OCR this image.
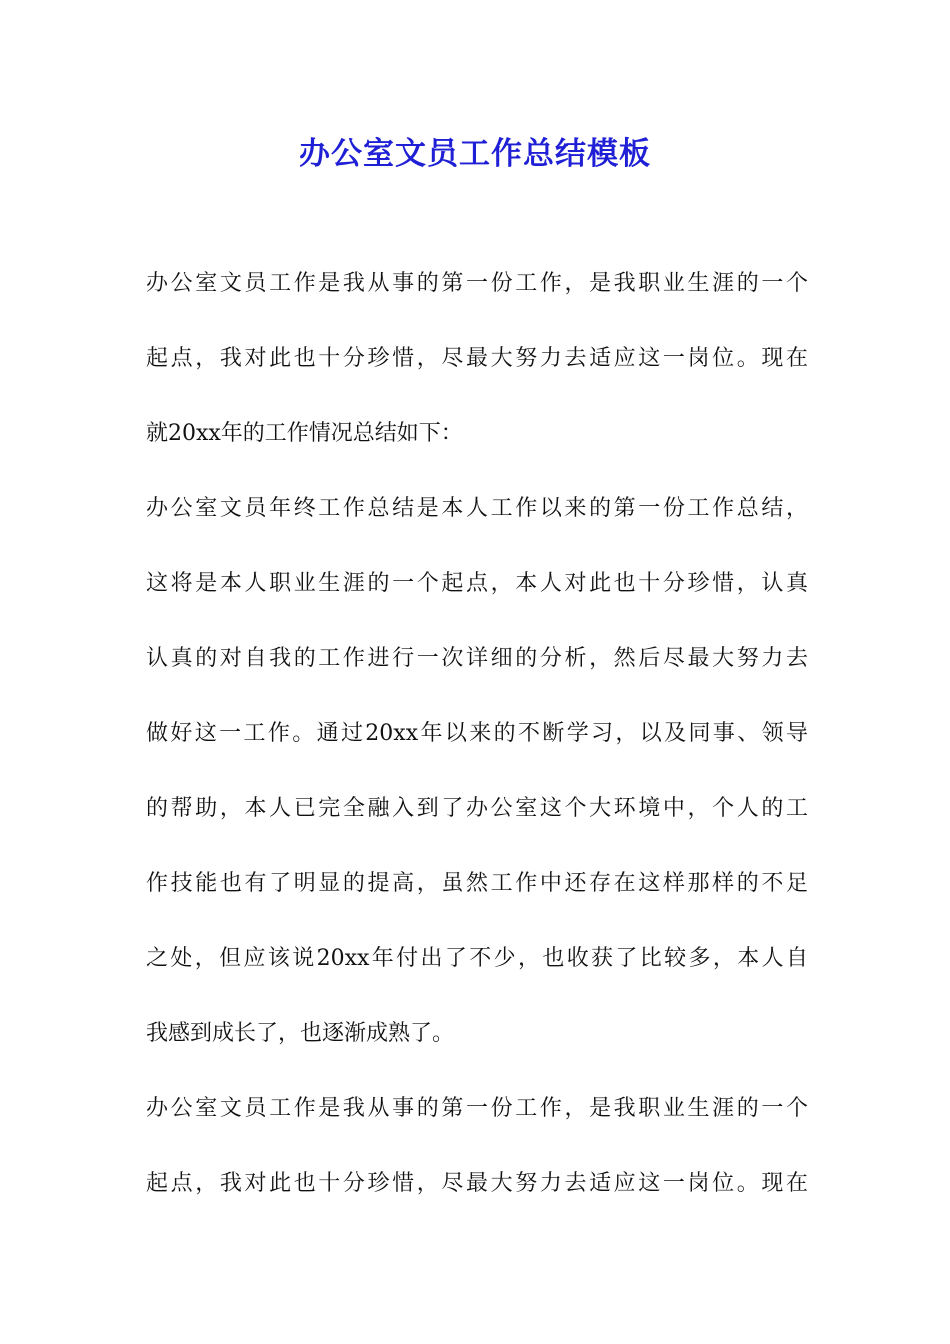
办公室文员工作总结模板
办公室文员工作是我从事的第一份工作，是我职业生涯的一个
起点，我对此也十分珍惜，尽最大努力去适应这一岗位。现在
就20xx年的工作情况总结如下：
办公室文员年终工作总结是本人工作以来的第一份工作总结，
这将是本人职业生涯的一个起点，本人对此也十分珍惜，认真
认真的对自我的工作进行一次详细的分析，然后尽最大努力去
做好这一工作。通过20xx年以来的不断学习，以及同事、领导
的帮助，本人已完全融入到了办公室这个大环境中，个人的工
作技能也有了明显的提高，虽然工作中还存在这样那样的不足
之处，但应该说20xx年付出了不少，也收获了比较多，本人自
我感到成长了，也逐渐成熟了。
办公室文员工作是我从事的第一份工作，是我职业生涯的一个
起点，我对此也十分珍惜，尽最大努力去适应这一岗位。现在
